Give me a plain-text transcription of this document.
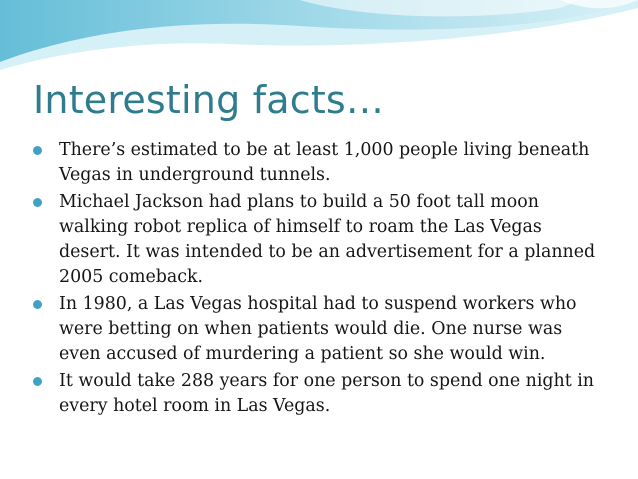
Interesting facts…
There’s estimated to be at least 1,000 people living beneath Vegas in underground tunnels.
Michael Jackson had plans to build a 50 foot tall moon walking robot replica of himself to roam the Las Vegas desert. It was intended to be an advertisement for a planned 2005 comeback.
In 1980, a Las Vegas hospital had to suspend workers who were betting on when patients would die. One nurse was even accused of murdering a patient so she would win.
It would take 288 years for one person to spend one night in every hotel room in Las Vegas.
